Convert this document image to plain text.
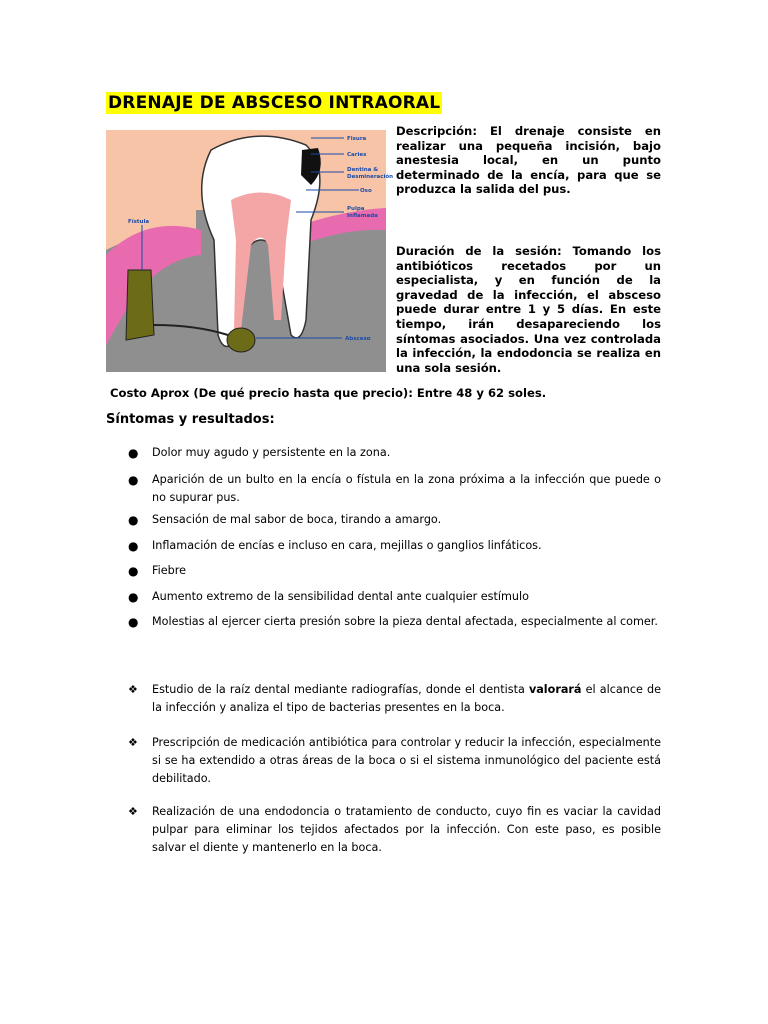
DRENAJE DE ABSCESO INTRAORAL
Fisura
Caries
Dentina &
Desmineración
Oso
Pulpa
Inflamada
Fístula
Absceso
Descripción: El drenaje consiste en realizar una pequeña incisión, bajo anestesia local, en un punto determinado de la encía, para que se produzca la salida del pus.
Duración de la sesión: Tomando los antibióticos recetados por un especialista, y en función de la gravedad de la infección, el absceso puede durar entre 1 y 5 días. En este tiempo, irán desapareciendo los síntomas asociados. Una vez controlada la infección, la endodoncia se realiza en una sola sesión.
Costo Aprox (De qué precio hasta que precio): Entre 48 y 62 soles.
Síntomas y resultados:
● Dolor muy agudo y persistente en la zona.
● Aparición de un bulto en la encía o fístula en la zona próxima a la infección que puede o no supurar pus.
● Sensación de mal sabor de boca, tirando a amargo.
● Inflamación de encías e incluso en cara, mejillas o ganglios linfáticos.
● Fiebre
● Aumento extremo de la sensibilidad dental ante cualquier estímulo
● Molestias al ejercer cierta presión sobre la pieza dental afectada, especialmente al comer.
❖ Estudio de la raíz dental mediante radiografías, donde el dentista valorará el alcance de la infección y analiza el tipo de bacterias presentes en la boca.
❖ Prescripción de medicación antibiótica para controlar y reducir la infección, especialmente si se ha extendido a otras áreas de la boca o si el sistema inmunológico del paciente está debilitado.
❖ Realización de una endodoncia o tratamiento de conducto, cuyo fin es vaciar la cavidad pulpar para eliminar los tejidos afectados por la infección. Con este paso, es posible salvar el diente y mantenerlo en la boca.
